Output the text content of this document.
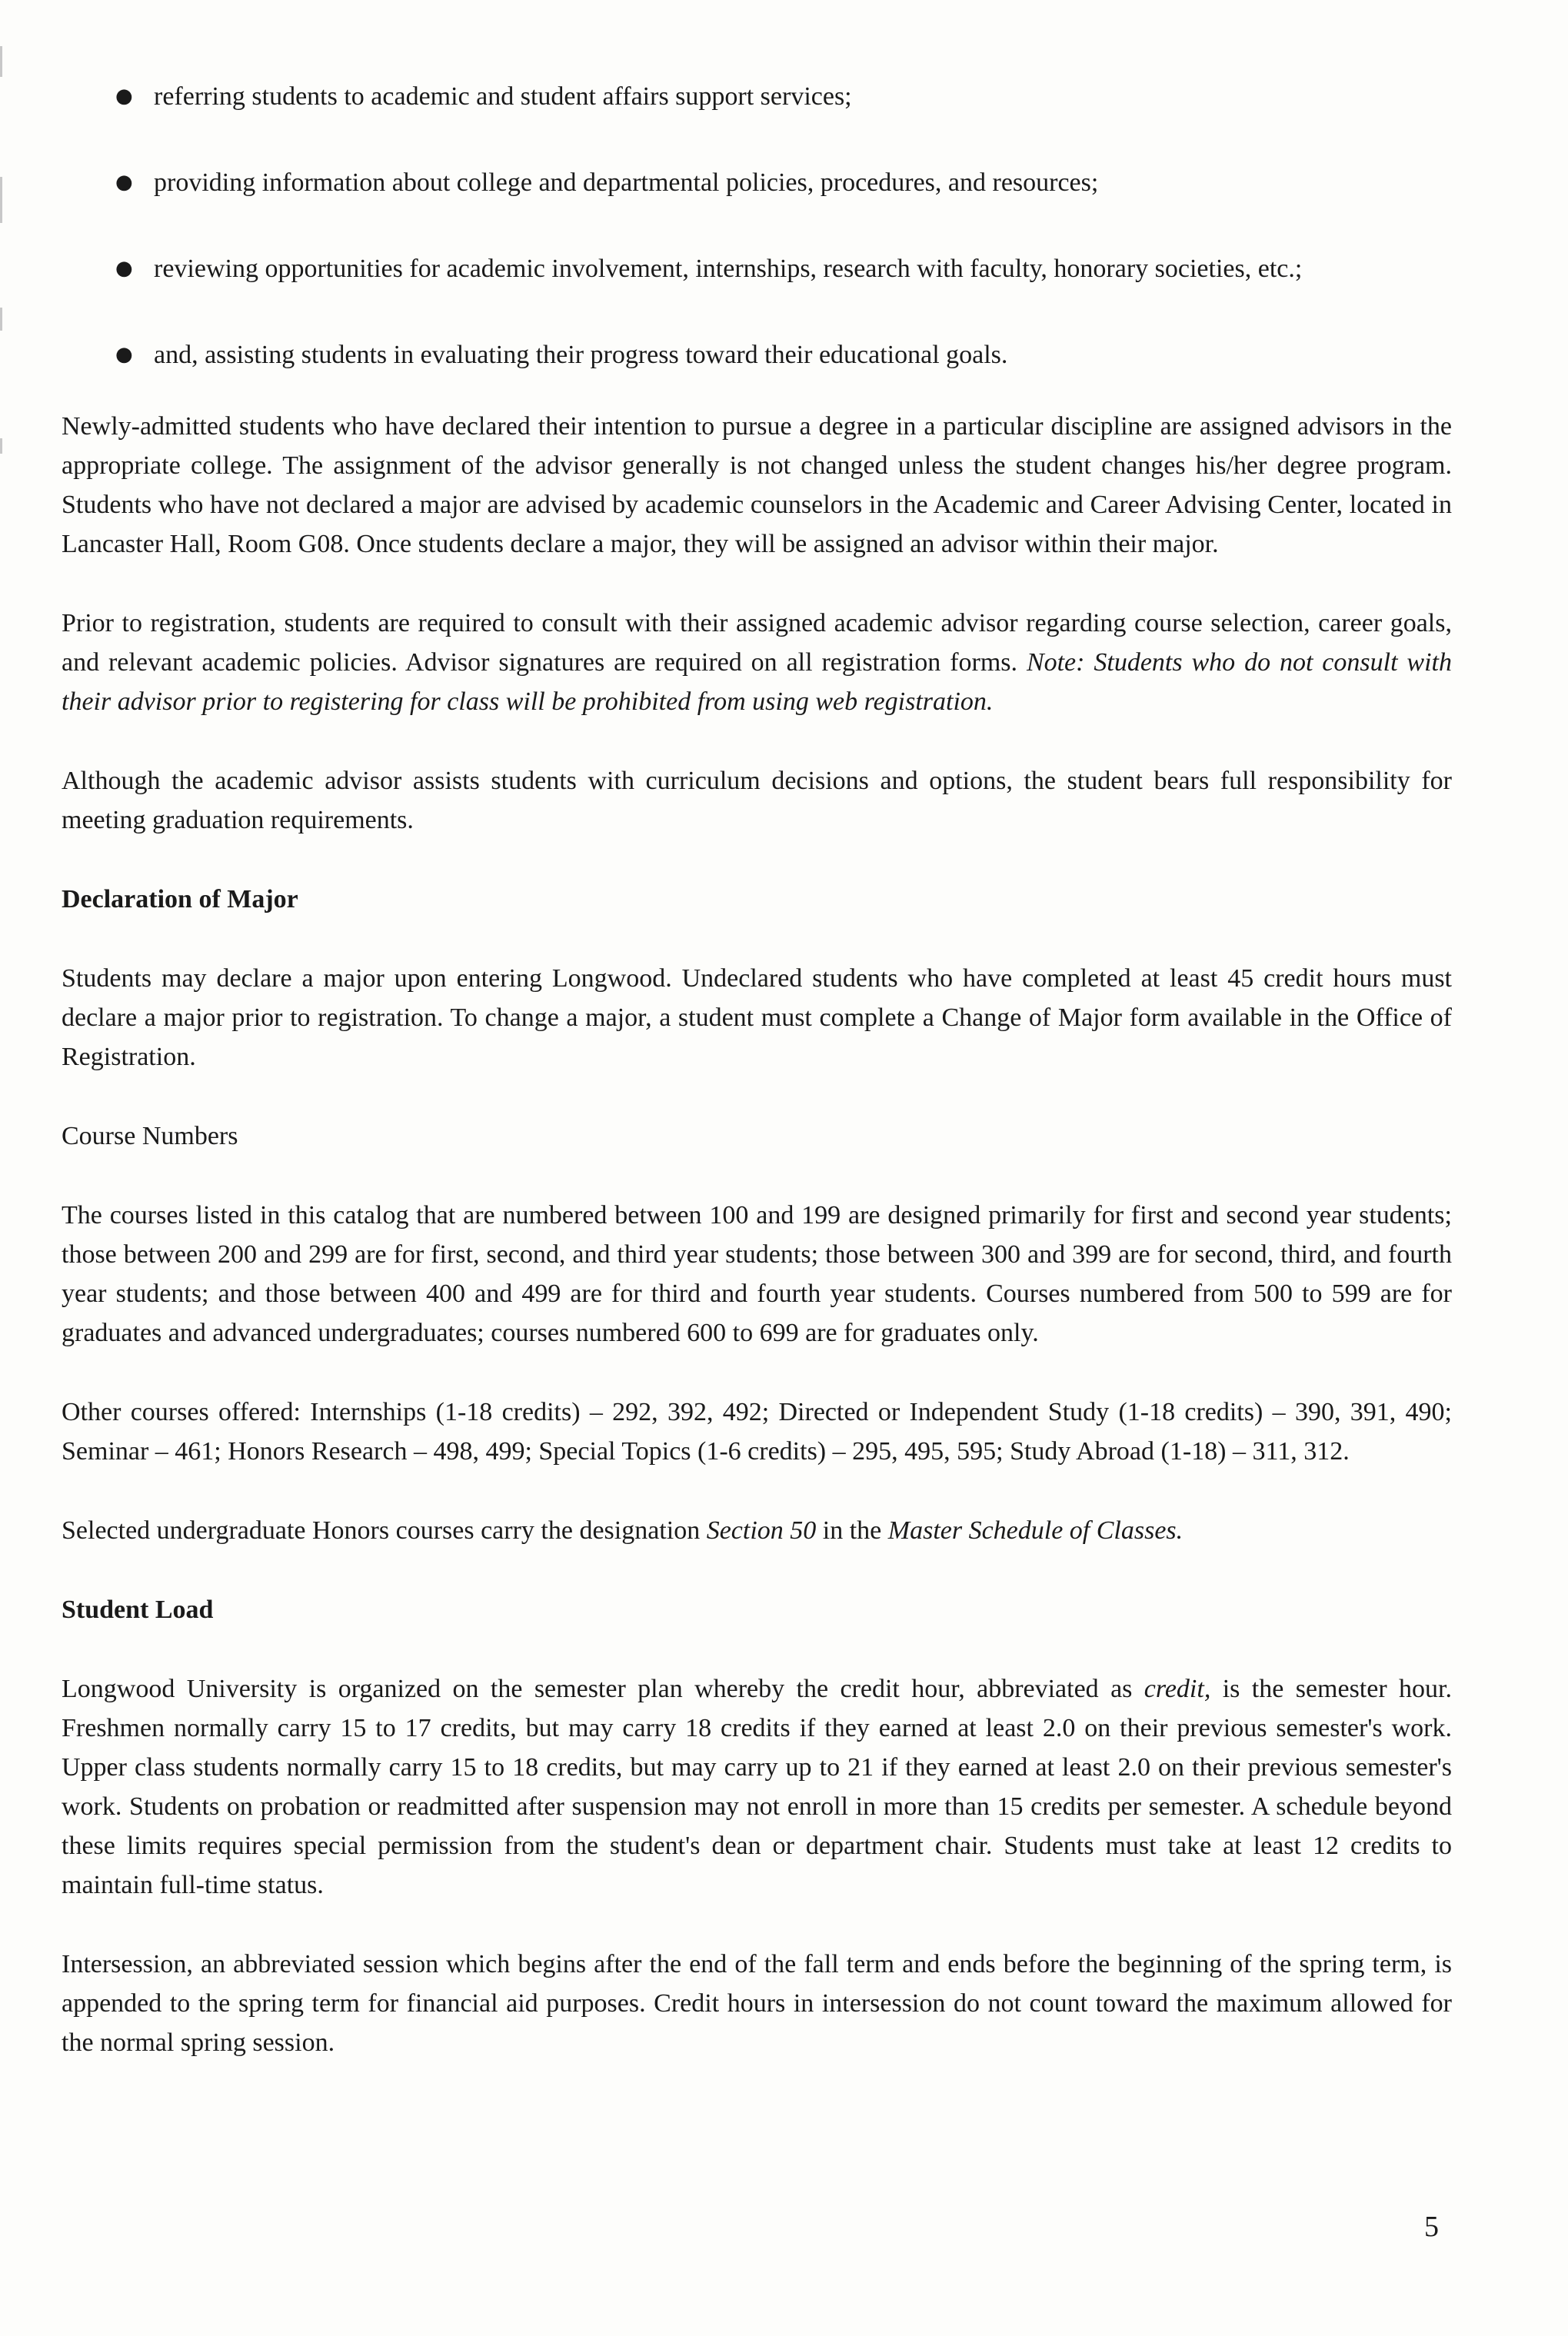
● referring students to academic and student affairs support services;
● providing information about college and departmental policies, procedures, and resources;
● reviewing opportunities for academic involvement, internships, research with faculty, honorary societies, etc.;
● and, assisting students in evaluating their progress toward their educational goals.

Newly-admitted students who have declared their intention to pursue a degree in a particular discipline are assigned advisors in the appropriate college. The assignment of the advisor generally is not changed unless the student changes his/her degree program. Students who have not declared a major are advised by academic counselors in the Academic and Career Advising Center, located in Lancaster Hall, Room G08. Once students declare a major, they will be assigned an advisor within their major.

Prior to registration, students are required to consult with their assigned academic advisor regarding course selection, career goals, and relevant academic policies. Advisor signatures are required on all registration forms. Note: Students who do not consult with their advisor prior to registering for class will be prohibited from using web registration.

Although the academic advisor assists students with curriculum decisions and options, the student bears full responsibility for meeting graduation requirements.

Declaration of Major

Students may declare a major upon entering Longwood. Undeclared students who have completed at least 45 credit hours must declare a major prior to registration. To change a major, a student must complete a Change of Major form available in the Office of Registration.

Course Numbers

The courses listed in this catalog that are numbered between 100 and 199 are designed primarily for first and second year students; those between 200 and 299 are for first, second, and third year students; those between 300 and 399 are for second, third, and fourth year students; and those between 400 and 499 are for third and fourth year students. Courses numbered from 500 to 599 are for graduates and advanced undergraduates; courses numbered 600 to 699 are for graduates only.

Other courses offered: Internships (1-18 credits) – 292, 392, 492; Directed or Independent Study (1-18 credits) – 390, 391, 490; Seminar – 461; Honors Research – 498, 499; Special Topics (1-6 credits) – 295, 495, 595; Study Abroad (1-18) – 311, 312.

Selected undergraduate Honors courses carry the designation Section 50 in the Master Schedule of Classes.

Student Load

Longwood University is organized on the semester plan whereby the credit hour, abbreviated as credit, is the semester hour. Freshmen normally carry 15 to 17 credits, but may carry 18 credits if they earned at least 2.0 on their previous semester's work. Upper class students normally carry 15 to 18 credits, but may carry up to 21 if they earned at least 2.0 on their previous semester's work. Students on probation or readmitted after suspension may not enroll in more than 15 credits per semester. A schedule beyond these limits requires special permission from the student's dean or department chair. Students must take at least 12 credits to maintain full-time status.

Intersession, an abbreviated session which begins after the end of the fall term and ends before the beginning of the spring term, is appended to the spring term for financial aid purposes. Credit hours in intersession do not count toward the maximum allowed for the normal spring session.

5
